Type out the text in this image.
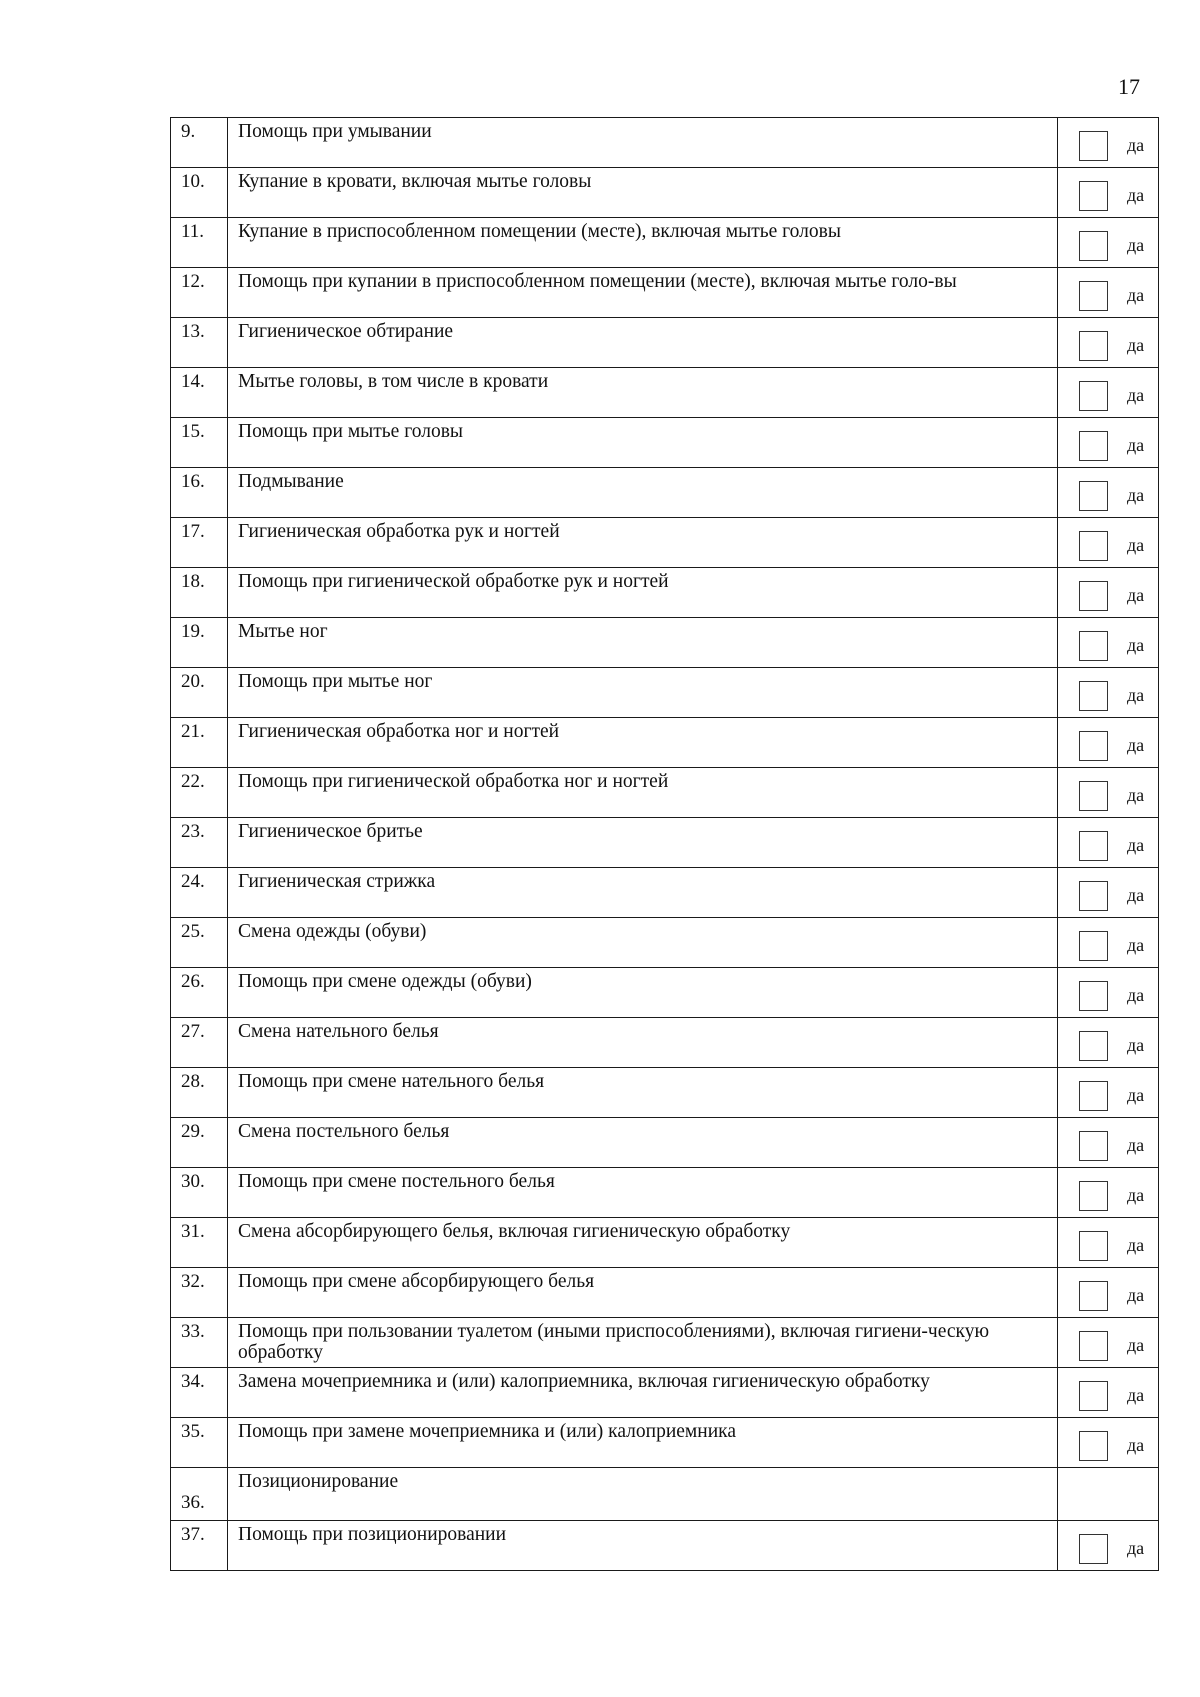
17
9.	Помощь при умывании	да

10.	Купание в кровати, включая мытье головы	да

11.	Купание в приспособленном помещении (месте), включая мытье головы	да

12.	Помощь при купании в приспособленном помещении (месте), включая мытье голо-вы	да

13.	Гигиеническое обтирание	да

14.	Мытье головы, в том числе в кровати	да

15.	Помощь при мытье головы	да

16.	Подмывание	да

17.	Гигиеническая обработка рук и ногтей	да

18.	Помощь при гигиенической обработке рук и ногтей	да

19.	Мытье ног	да

20.	Помощь при мытье ног	да

21.	Гигиеническая обработка ног и ногтей	да

22.	Помощь при гигиенической обработка ног и ногтей	да

23.	Гигиеническое бритье	да

24.	Гигиеническая стрижка	да

25.	Смена одежды (обуви)	да

26.	Помощь при смене одежды (обуви)	да

27.	Смена нательного белья	да

28.	Помощь при смене нательного белья	да

29.	Смена постельного белья	да

30.	Помощь при смене постельного белья	да

31.	Смена абсорбирующего белья, включая гигиеническую обработку	да

32.	Помощь при смене абсорбирующего белья	да

33.	Помощь при пользовании туалетом (иными приспособлениями), включая гигиени-ческую обработку	да

34.	Замена мочеприемника и (или) калоприемника, включая гигиеническую обработку	да

35.	Помощь при замене мочеприемника и (или) калоприемника	да

36.	Позиционирование	
37.	Помощь при позиционировании	да
